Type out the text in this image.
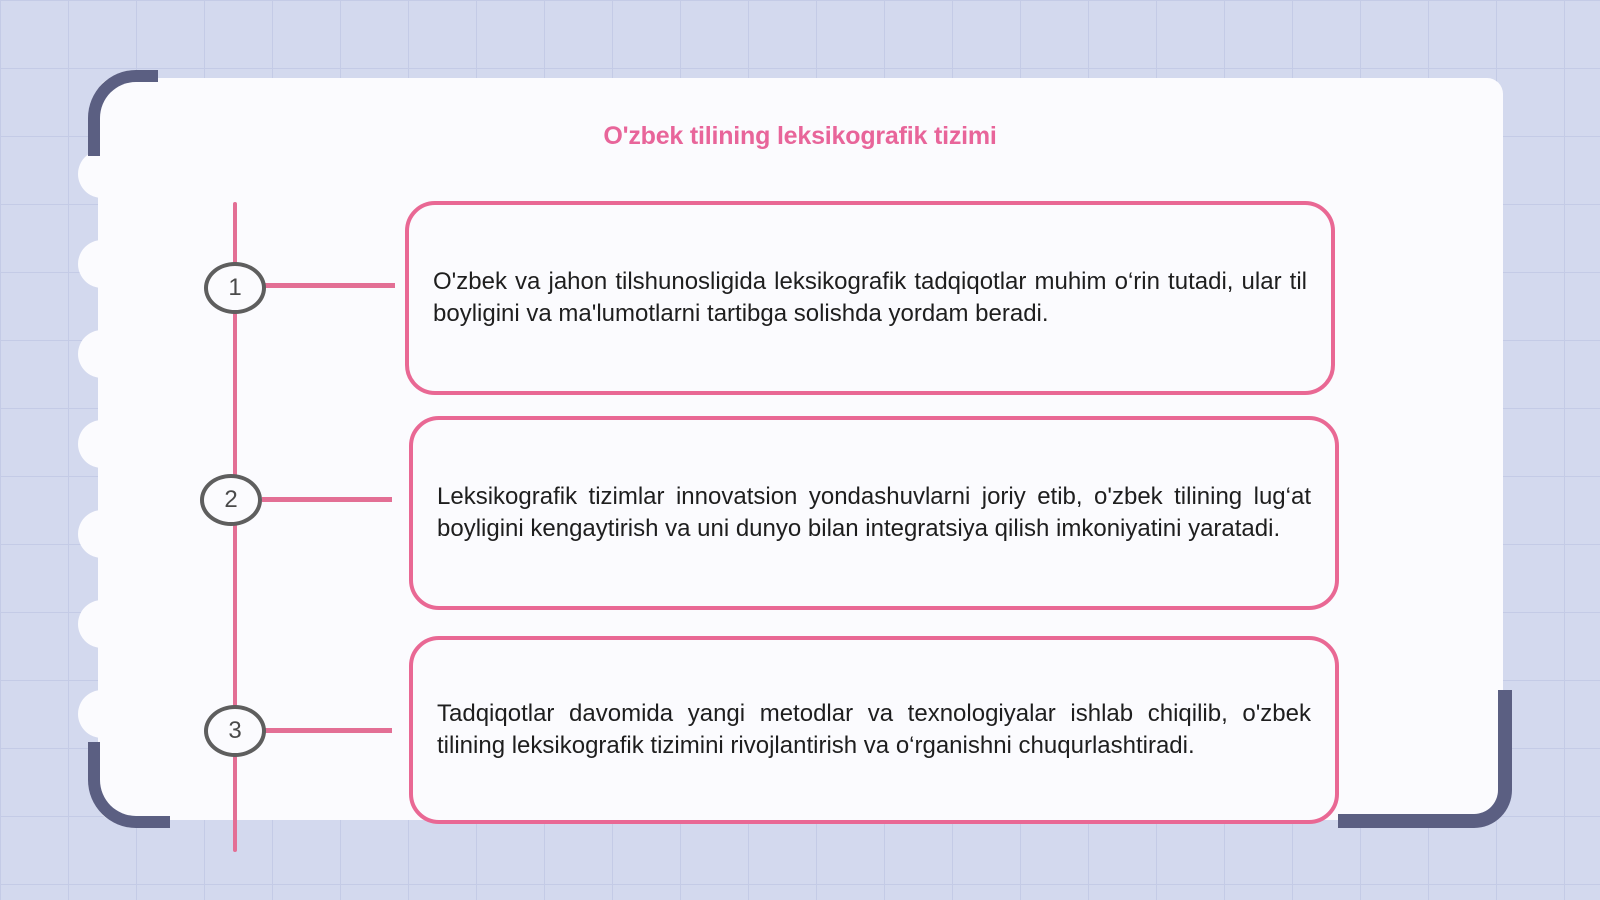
O'zbek tilining leksikografik tizimi
1
2
3
O'zbek va jahon tilshunosligida leksikografik tadqiqotlar muhim o‘rin tutadi, ular til boyligini va ma'lumotlarni tartibga solishda yordam beradi.
Leksikografik tizimlar innovatsion yondashuvlarni joriy etib, o'zbek tilining lug‘at boyligini kengaytirish va uni dunyo bilan integratsiya qilish imkoniyatini yaratadi.
Tadqiqotlar davomida yangi metodlar va texnologiyalar ishlab chiqilib, o'zbek tilining leksikografik tizimini rivojlantirish va o‘rganishni chuqurlashtiradi.
